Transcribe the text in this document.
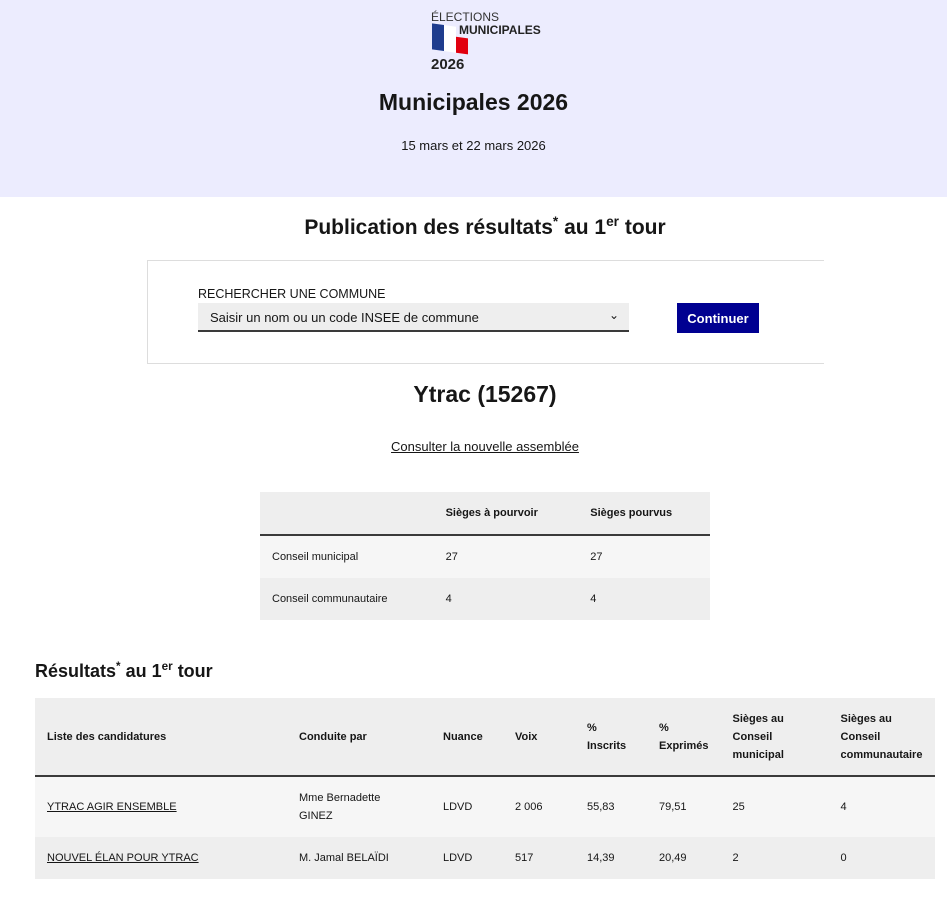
ÉLECTIONS
MUNICIPALES
2026
Municipales 2026
15 mars et 22 mars 2026
Publication des résultats* au 1er tour
RECHERCHER UNE COMMUNE
Saisir un nom ou un code INSEE de commune	⌄	Continuer
Ytrac (15267)
Consulter la nouvelle assemblée
	Sièges à pourvoir	Sièges pourvus
Conseil municipal	27	27
Conseil communautaire	4	4
Résultats* au 1er tour
Liste des candidatures	Conduite par	Nuance	Voix	% Inscrits	% Exprimés	Sièges au Conseil municipal	Sièges au Conseil communautaire
YTRAC AGIR ENSEMBLE	Mme Bernadette GINEZ	LDVD	2 006	55,83	79,51	25	4
NOUVEL ÉLAN POUR YTRAC	M. Jamal BELAÏDI	LDVD	517	14,39	20,49	2	0
